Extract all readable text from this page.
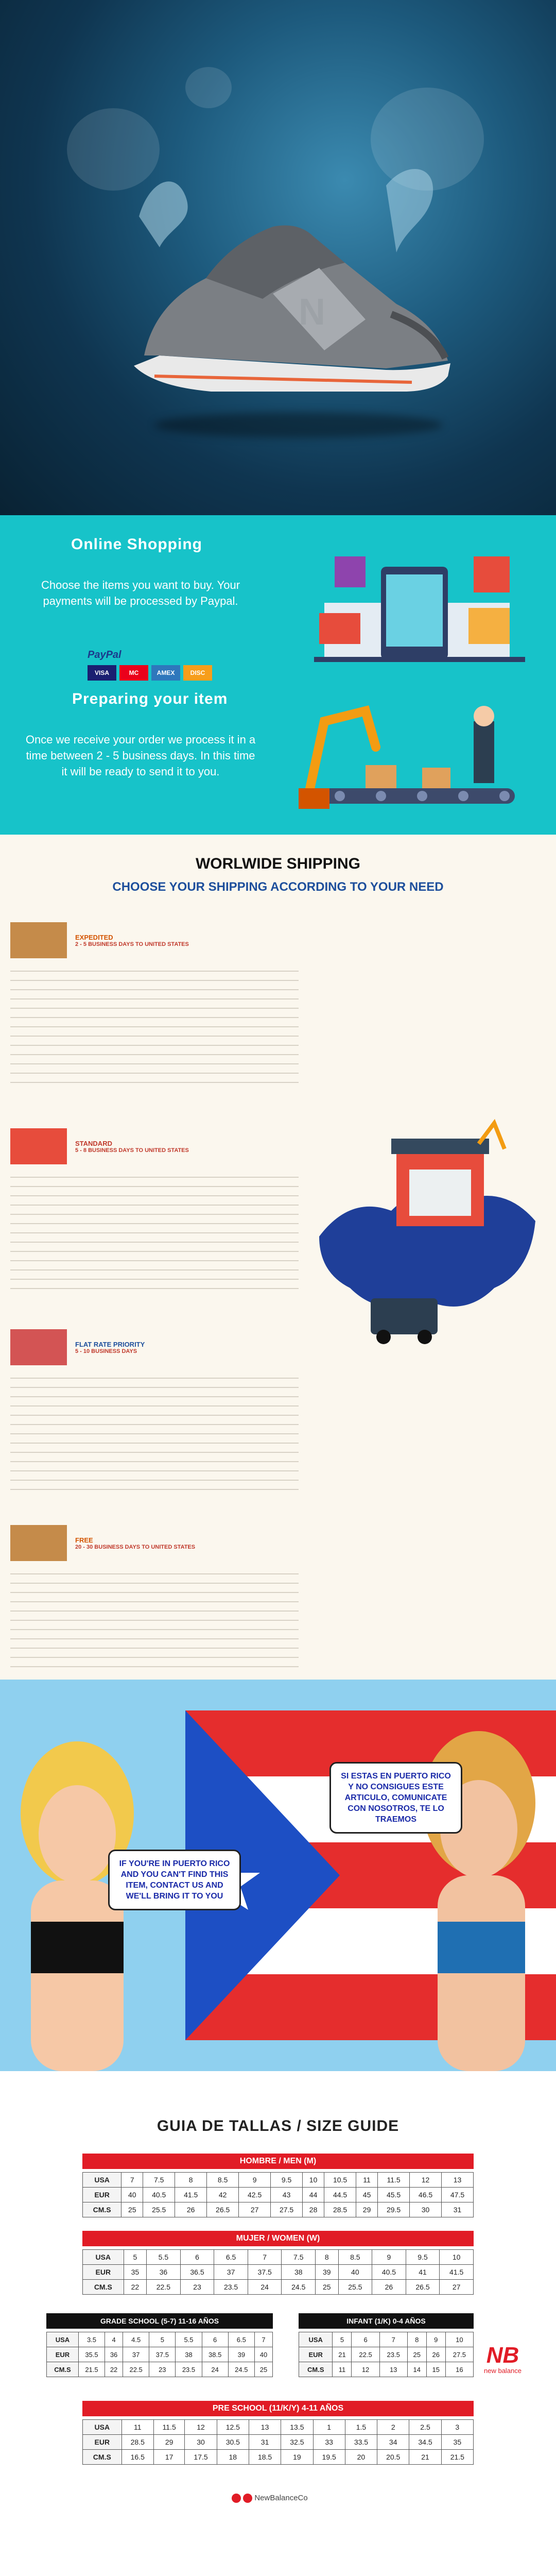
N
Online Shopping
Choose the items you want to buy. Your payments will be processed by Paypal.
PayPal
VISA	MC	AMEX	DISC
Preparing your item
Once we receive your order we process it in a time between 2 - 5 business days. In this time it will be ready to send it to you.
WORLWIDE SHIPPING
CHOOSE YOUR SHIPPING ACCORDING TO YOUR NEED
EXPEDITED
2 - 5 BUSINESS DAYS TO UNITED STATES
STANDARD
5 - 8 BUSINESS DAYS TO UNITED STATES
FLAT RATE PRIORITY
5 - 10 BUSINESS DAYS
FREE
20 - 30 BUSINESS DAYS TO UNITED STATES
IF YOU'RE IN PUERTO RICO AND YOU CAN'T FIND THIS ITEM, CONTACT US AND WE'LL BRING IT TO YOU
SI ESTAS EN PUERTO RICO Y NO CONSIGUES ESTE ARTICULO, COMUNICATE CON NOSOTROS, TE LO TRAEMOS
GUIA DE TALLAS / SIZE GUIDE
HOMBRE / MEN (M)
USA	7	7.5	8	8.5	9	9.5	10	10.5	11	11.5	12	13
EUR	40	40.5	41.5	42	42.5	43	44	44.5	45	45.5	46.5	47.5
CM.S	25	25.5	26	26.5	27	27.5	28	28.5	29	29.5	30	31
MUJER / WOMEN (W)
USA	5	5.5	6	6.5	7	7.5	8	8.5	9	9.5	10
EUR	35	36	36.5	37	37.5	38	39	40	40.5	41	41.5
CM.S	22	22.5	23	23.5	24	24.5	25	25.5	26	26.5	27
GRADE SCHOOL (5-7) 11-16 AÑOS
USA	3.5	4	4.5	5	5.5	6	6.5	7
EUR	35.5	36	37	37.5	38	38.5	39	40
CM.S	21.5	22	22.5	23	23.5	24	24.5	25
INFANT (1/K) 0-4 AÑOS
USA	5	6	7	8	9	10
EUR	21	22.5	23.5	25	26	27.5
CM.S	11	12	13	14	15	16
NB
new balance
PRE SCHOOL (11/K/Y) 4-11 AÑOS
USA	11	11.5	12	12.5	13	13.5	1	1.5	2	2.5	3
EUR	28.5	29	30	30.5	31	32.5	33	33.5	34	34.5	35
CM.S	16.5	17	17.5	18	18.5	19	19.5	20	20.5	21	21.5
NewBalanceCo
